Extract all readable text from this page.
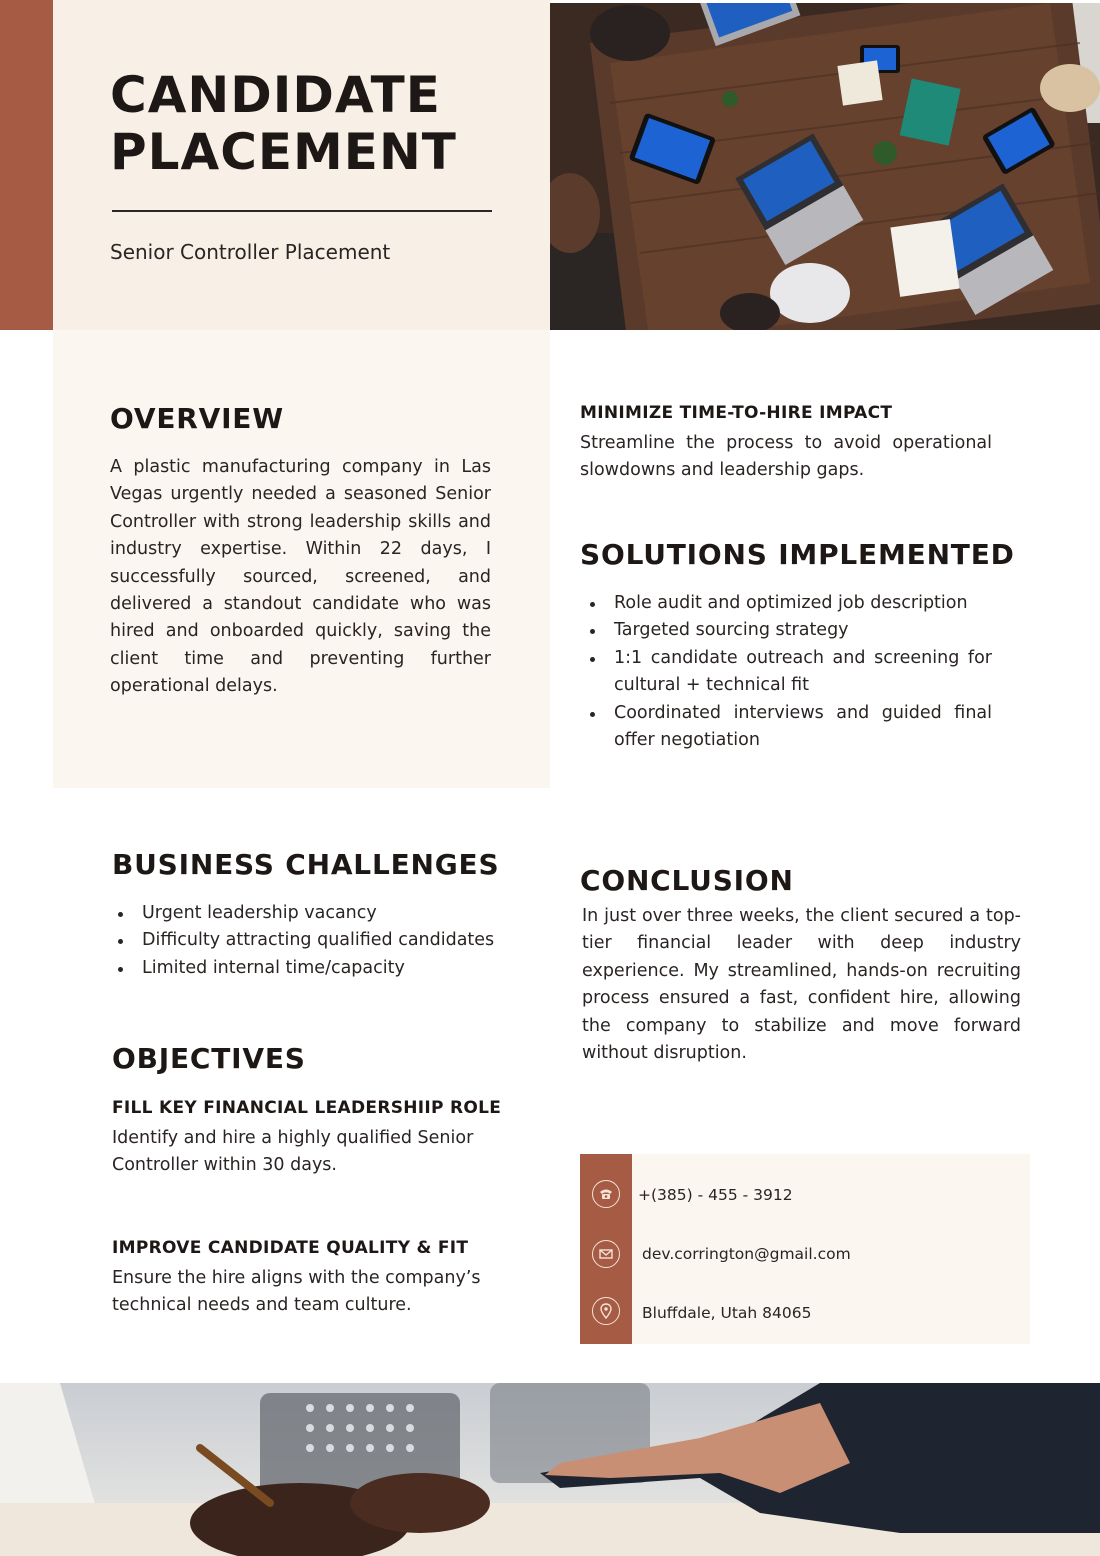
CANDIDATE
PLACEMENT
Senior Controller Placement
OVERVIEW
A plastic manufacturing company in Las Vegas urgently needed a seasoned Senior Controller with strong leadership skills and industry expertise. Within 22 days, I successfully sourced, screened, and delivered a standout candidate who was hired and onboarded quickly, saving the client time and preventing further operational delays.
MINIMIZE TIME-TO-HIRE IMPACT
Streamline the process to avoid operational slowdowns and leadership gaps.
SOLUTIONS IMPLEMENTED
Role audit and optimized job description
Targeted sourcing strategy
1:1 candidate outreach and screening for cultural + technical fit
Coordinated interviews and guided final offer negotiation
BUSINESS CHALLENGES
Urgent leadership vacancy
Difficulty attracting qualified candidates
Limited internal time/capacity
OBJECTIVES
FILL KEY FINANCIAL LEADERSHIIP ROLE
Identify and hire a highly qualified Senior Controller within 30 days.
IMPROVE CANDIDATE QUALITY & FIT
Ensure the hire aligns with the company’s technical needs and team culture.
CONCLUSION
In just over three weeks, the client secured a top-tier financial leader with deep industry experience. My streamlined, hands-on recruiting process ensured a fast, confident hire, allowing the company to stabilize and move forward without disruption.
+(385) - 455 - 3912
dev.corrington@gmail.com
Bluffdale, Utah 84065
